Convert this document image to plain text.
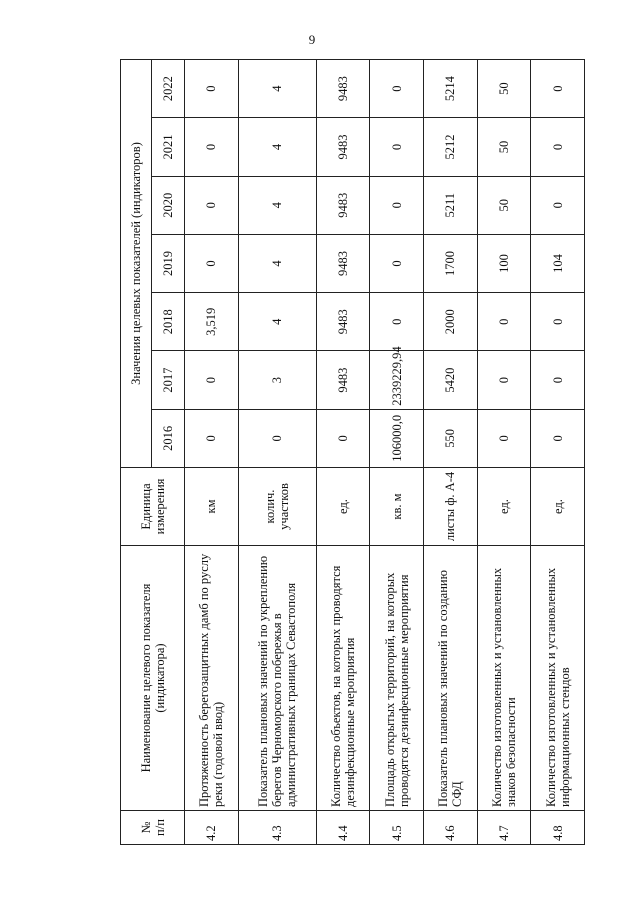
9
№ п/п	Наименование целевого показателя (индикатора)	Единица измерения	Значения целевых показателей (индикаторов)						
			2016	2017	2018	2019	2020	2021	2022
4.2	Протяженность берегозащитных дамб по руслу реки (годовой ввод)	км	0	0	3,519	0	0	0	0
4.3	Показатель плановых значений по укреплению берегов Черноморского побережья в административных границах Севастополя	колич. участков	0	3	4	4	4	4	4
4.4	Количество объектов, на которых проводятся дезинфекционные мероприятия	ед.	0	9483	9483	9483	9483	9483	9483
4.5	Площадь открытых территорий, на которых проводятся дезинфекционные мероприятия	кв. м	106000,0	2339229,94	0	0	0	0	0
4.6	Показатель плановых значений по созданию СФД	листы ф. А-4	550	5420	2000	1700	5211	5212	5214
4.7	Количество изготовленных и установленных знаков безопасности	ед.	0	0	0	100	50	50	50
4.8	Количество изготовленных и установленных информационных стендов	ед.	0	0	0	104	0	0	0
